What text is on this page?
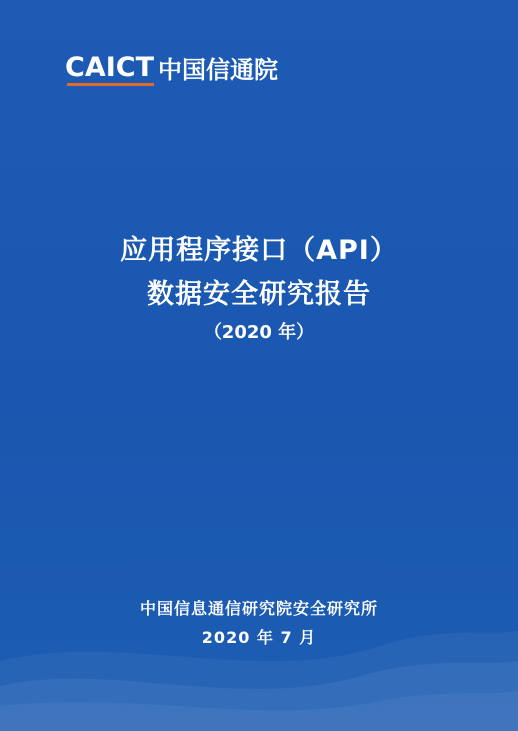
CAICT 中国信通院
应用程序接口（API）
数据安全研究报告
（2020 年）
中国信息通信研究院安全研究所
2020 年 7 月
